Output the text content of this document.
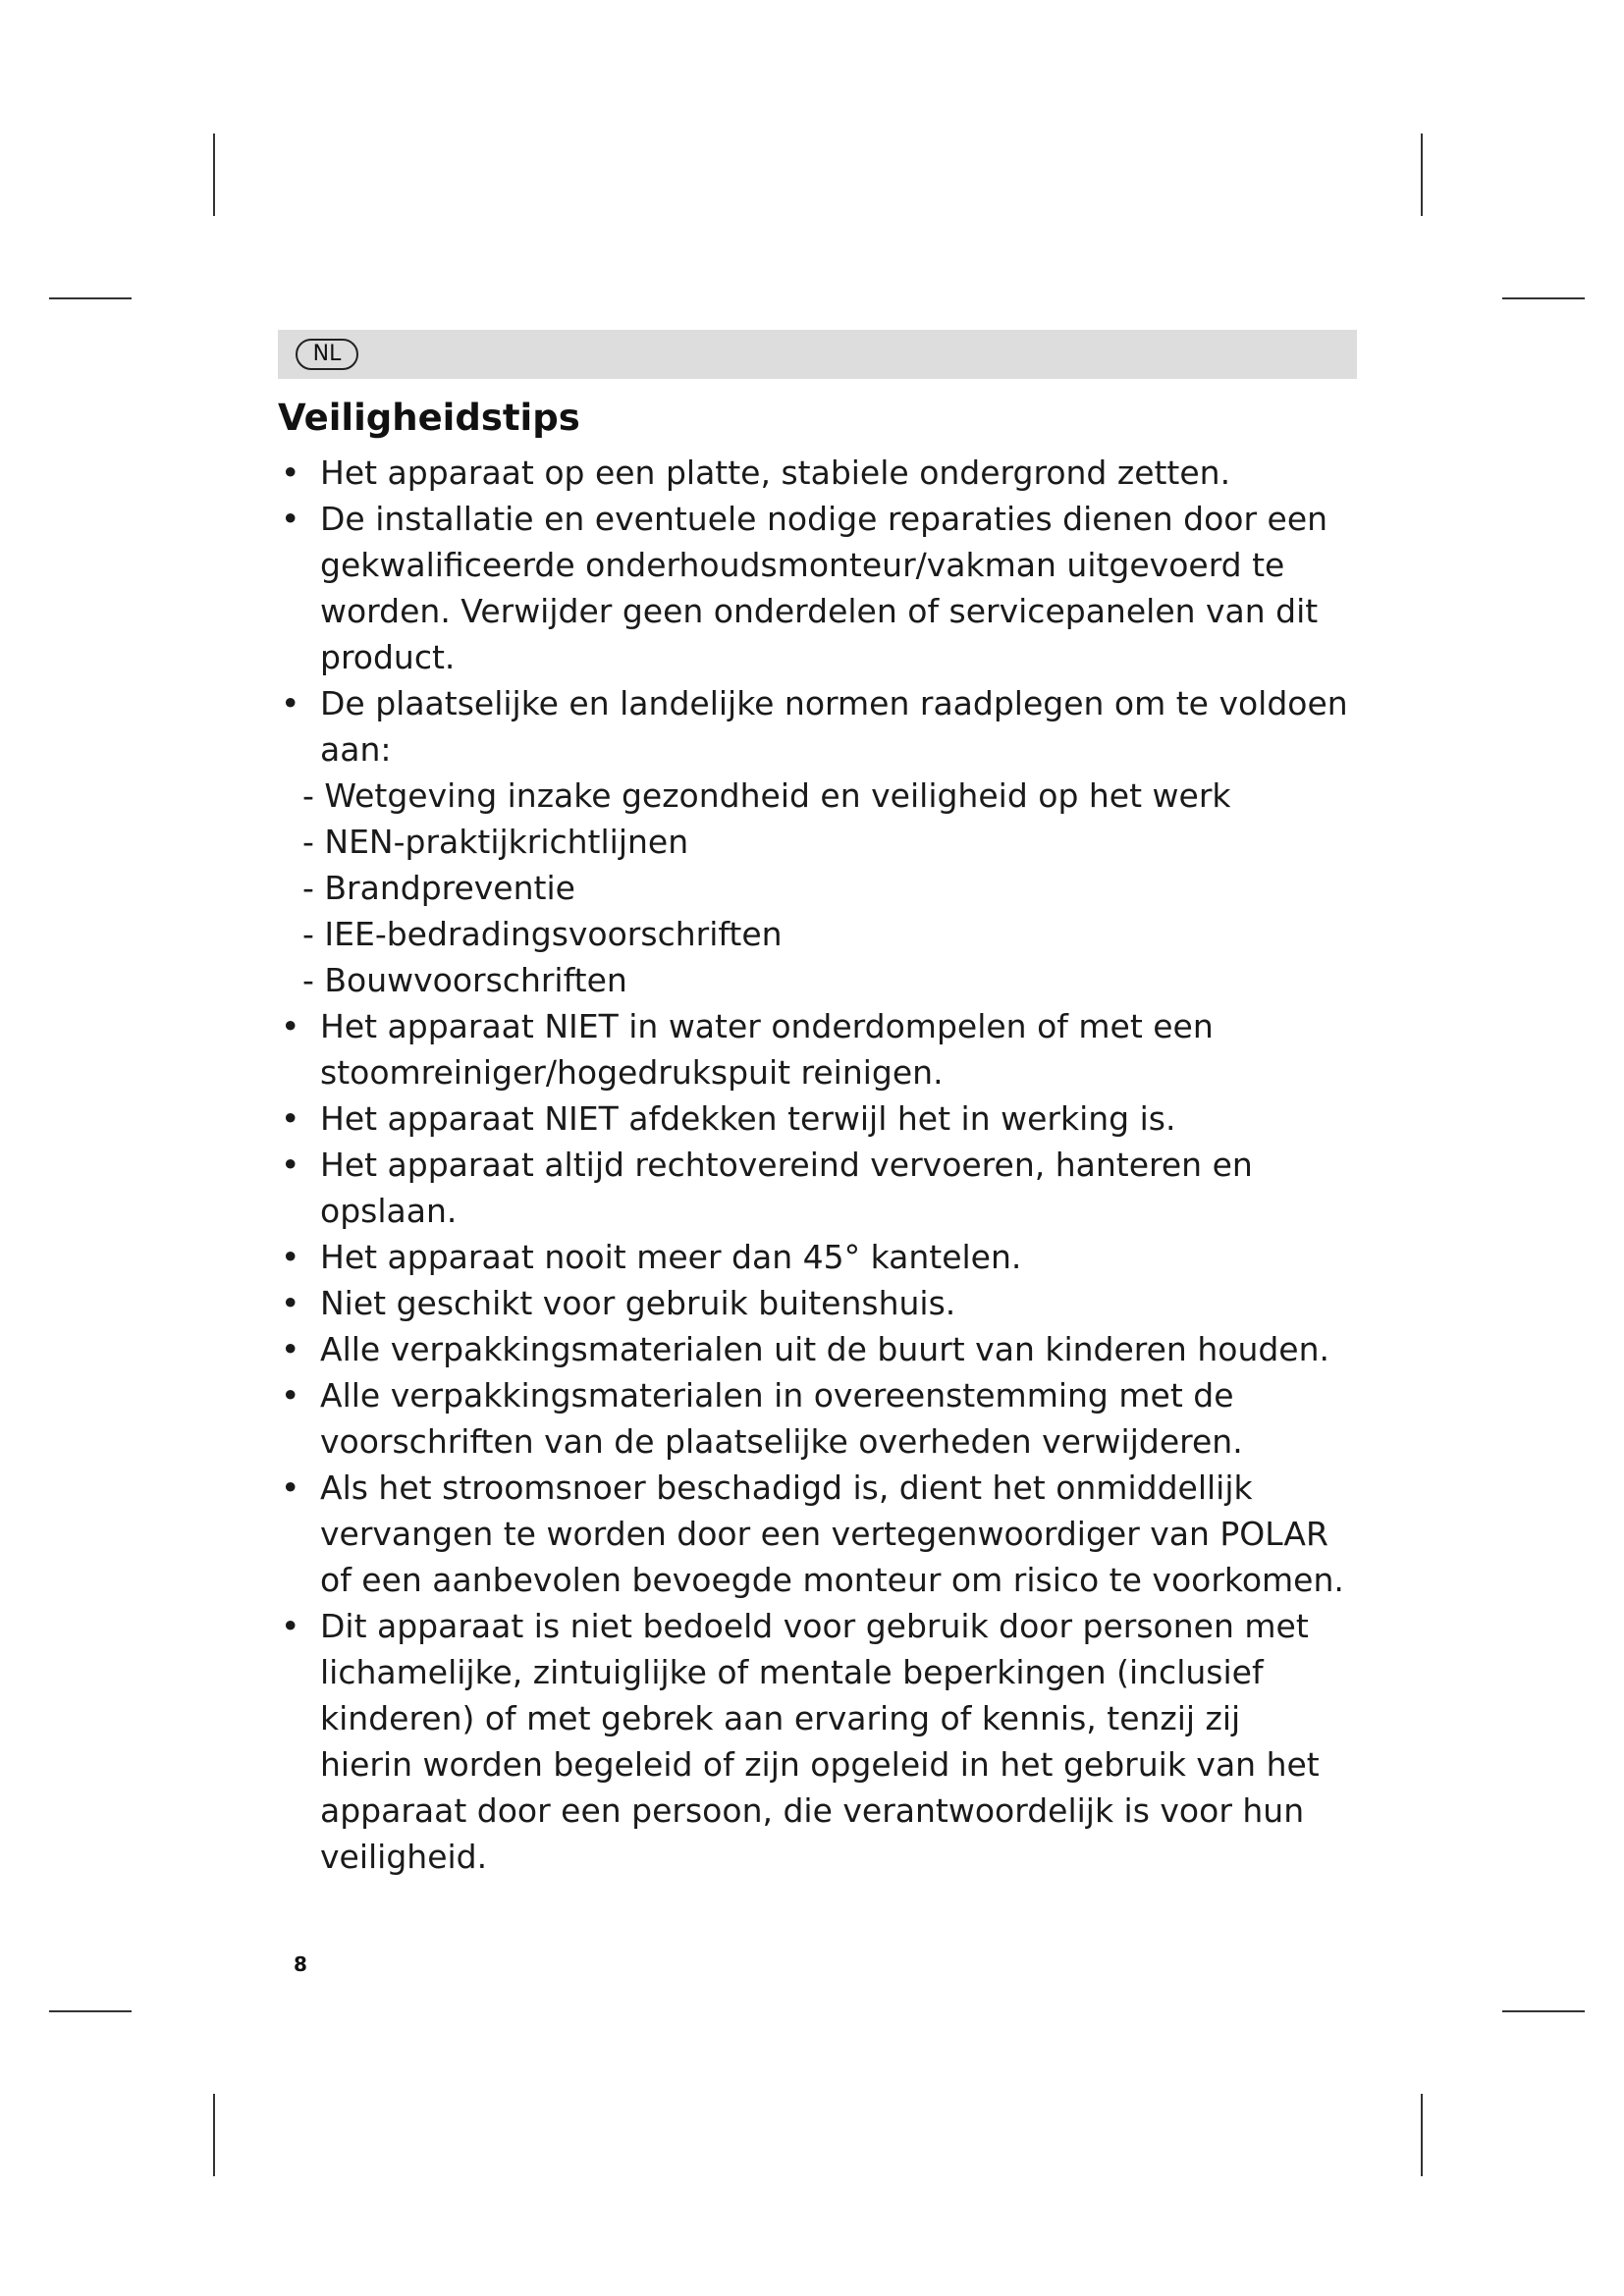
NL
Veiligheidstips
• Het apparaat op een platte, stabiele ondergrond zetten.
• De installatie en eventuele nodige reparaties dienen door een
gekwalificeerde onderhoudsmonteur/vakman uitgevoerd te
worden. Verwijder geen onderdelen of servicepanelen van dit
product.
• De plaatselijke en landelijke normen raadplegen om te voldoen
aan:
- Wetgeving inzake gezondheid en veiligheid op het werk
- NEN-praktijkrichtlijnen
- Brandpreventie
- IEE-bedradingsvoorschriften
- Bouwvoorschriften
• Het apparaat NIET in water onderdompelen of met een
stoomreiniger/hogedrukspuit reinigen.
• Het apparaat NIET afdekken terwijl het in werking is.
• Het apparaat altijd rechtovereind vervoeren, hanteren en
opslaan.
• Het apparaat nooit meer dan 45° kantelen.
• Niet geschikt voor gebruik buitenshuis.
• Alle verpakkingsmaterialen uit de buurt van kinderen houden.
• Alle verpakkingsmaterialen in overeenstemming met de
voorschriften van de plaatselijke overheden verwijderen.
• Als het stroomsnoer beschadigd is, dient het onmiddellijk
vervangen te worden door een vertegenwoordiger van POLAR
of een aanbevolen bevoegde monteur om risico te voorkomen.
• Dit apparaat is niet bedoeld voor gebruik door personen met
lichamelijke, zintuiglijke of mentale beperkingen (inclusief
kinderen) of met gebrek aan ervaring of kennis, tenzij zij
hierin worden begeleid of zijn opgeleid in het gebruik van het
apparaat door een persoon, die verantwoordelijk is voor hun
veiligheid.
8
